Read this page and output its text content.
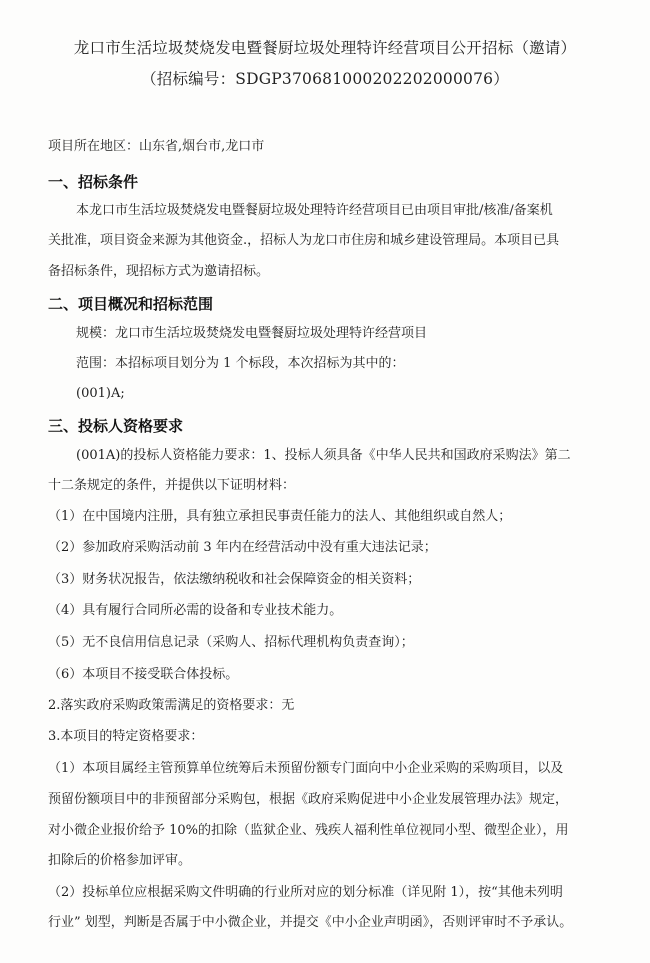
龙口市生活垃圾焚烧发电暨餐厨垃圾处理特许经营项目公开招标（邀请）
（招标编号：SDGP370681000202202000076）
项目所在地区：山东省,烟台市,龙口市
一、招标条件
本龙口市生活垃圾焚烧发电暨餐厨垃圾处理特许经营项目已由项目审批/核准/备案机
关批准，项目资金来源为其他资金.，招标人为龙口市住房和城乡建设管理局。本项目已具
备招标条件，现招标方式为邀请招标。
二、项目概况和招标范围
规模：龙口市生活垃圾焚烧发电暨餐厨垃圾处理特许经营项目
范围：本招标项目划分为 1 个标段，本次招标为其中的：
(001)A;
三、投标人资格要求
(001A)的投标人资格能力要求：1、投标人须具备《中华人民共和国政府采购法》第二
十二条规定的条件，并提供以下证明材料：
（1）在中国境内注册，具有独立承担民事责任能力的法人、其他组织或自然人；
（2）参加政府采购活动前 3 年内在经营活动中没有重大违法记录；
（3）财务状况报告，依法缴纳税收和社会保障资金的相关资料；
（4）具有履行合同所必需的设备和专业技术能力。
（5）无不良信用信息记录（采购人、招标代理机构负责查询）；
（6）本项目不接受联合体投标。
2.落实政府采购政策需满足的资格要求：无
3.本项目的特定资格要求：
（1）本项目属经主管预算单位统筹后未预留份额专门面向中小企业采购的采购项目，以及
预留份额项目中的非预留部分采购包，根据《政府采购促进中小企业发展管理办法》规定，
对小微企业报价给予 10%的扣除（监狱企业、残疾人福利性单位视同小型、微型企业），用
扣除后的价格参加评审。
（2）投标单位应根据采购文件明确的行业所对应的划分标准（详见附 1），按“其他未列明
行业” 划型，判断是否属于中小微企业，并提交《中小企业声明函》，否则评审时不予承认。
